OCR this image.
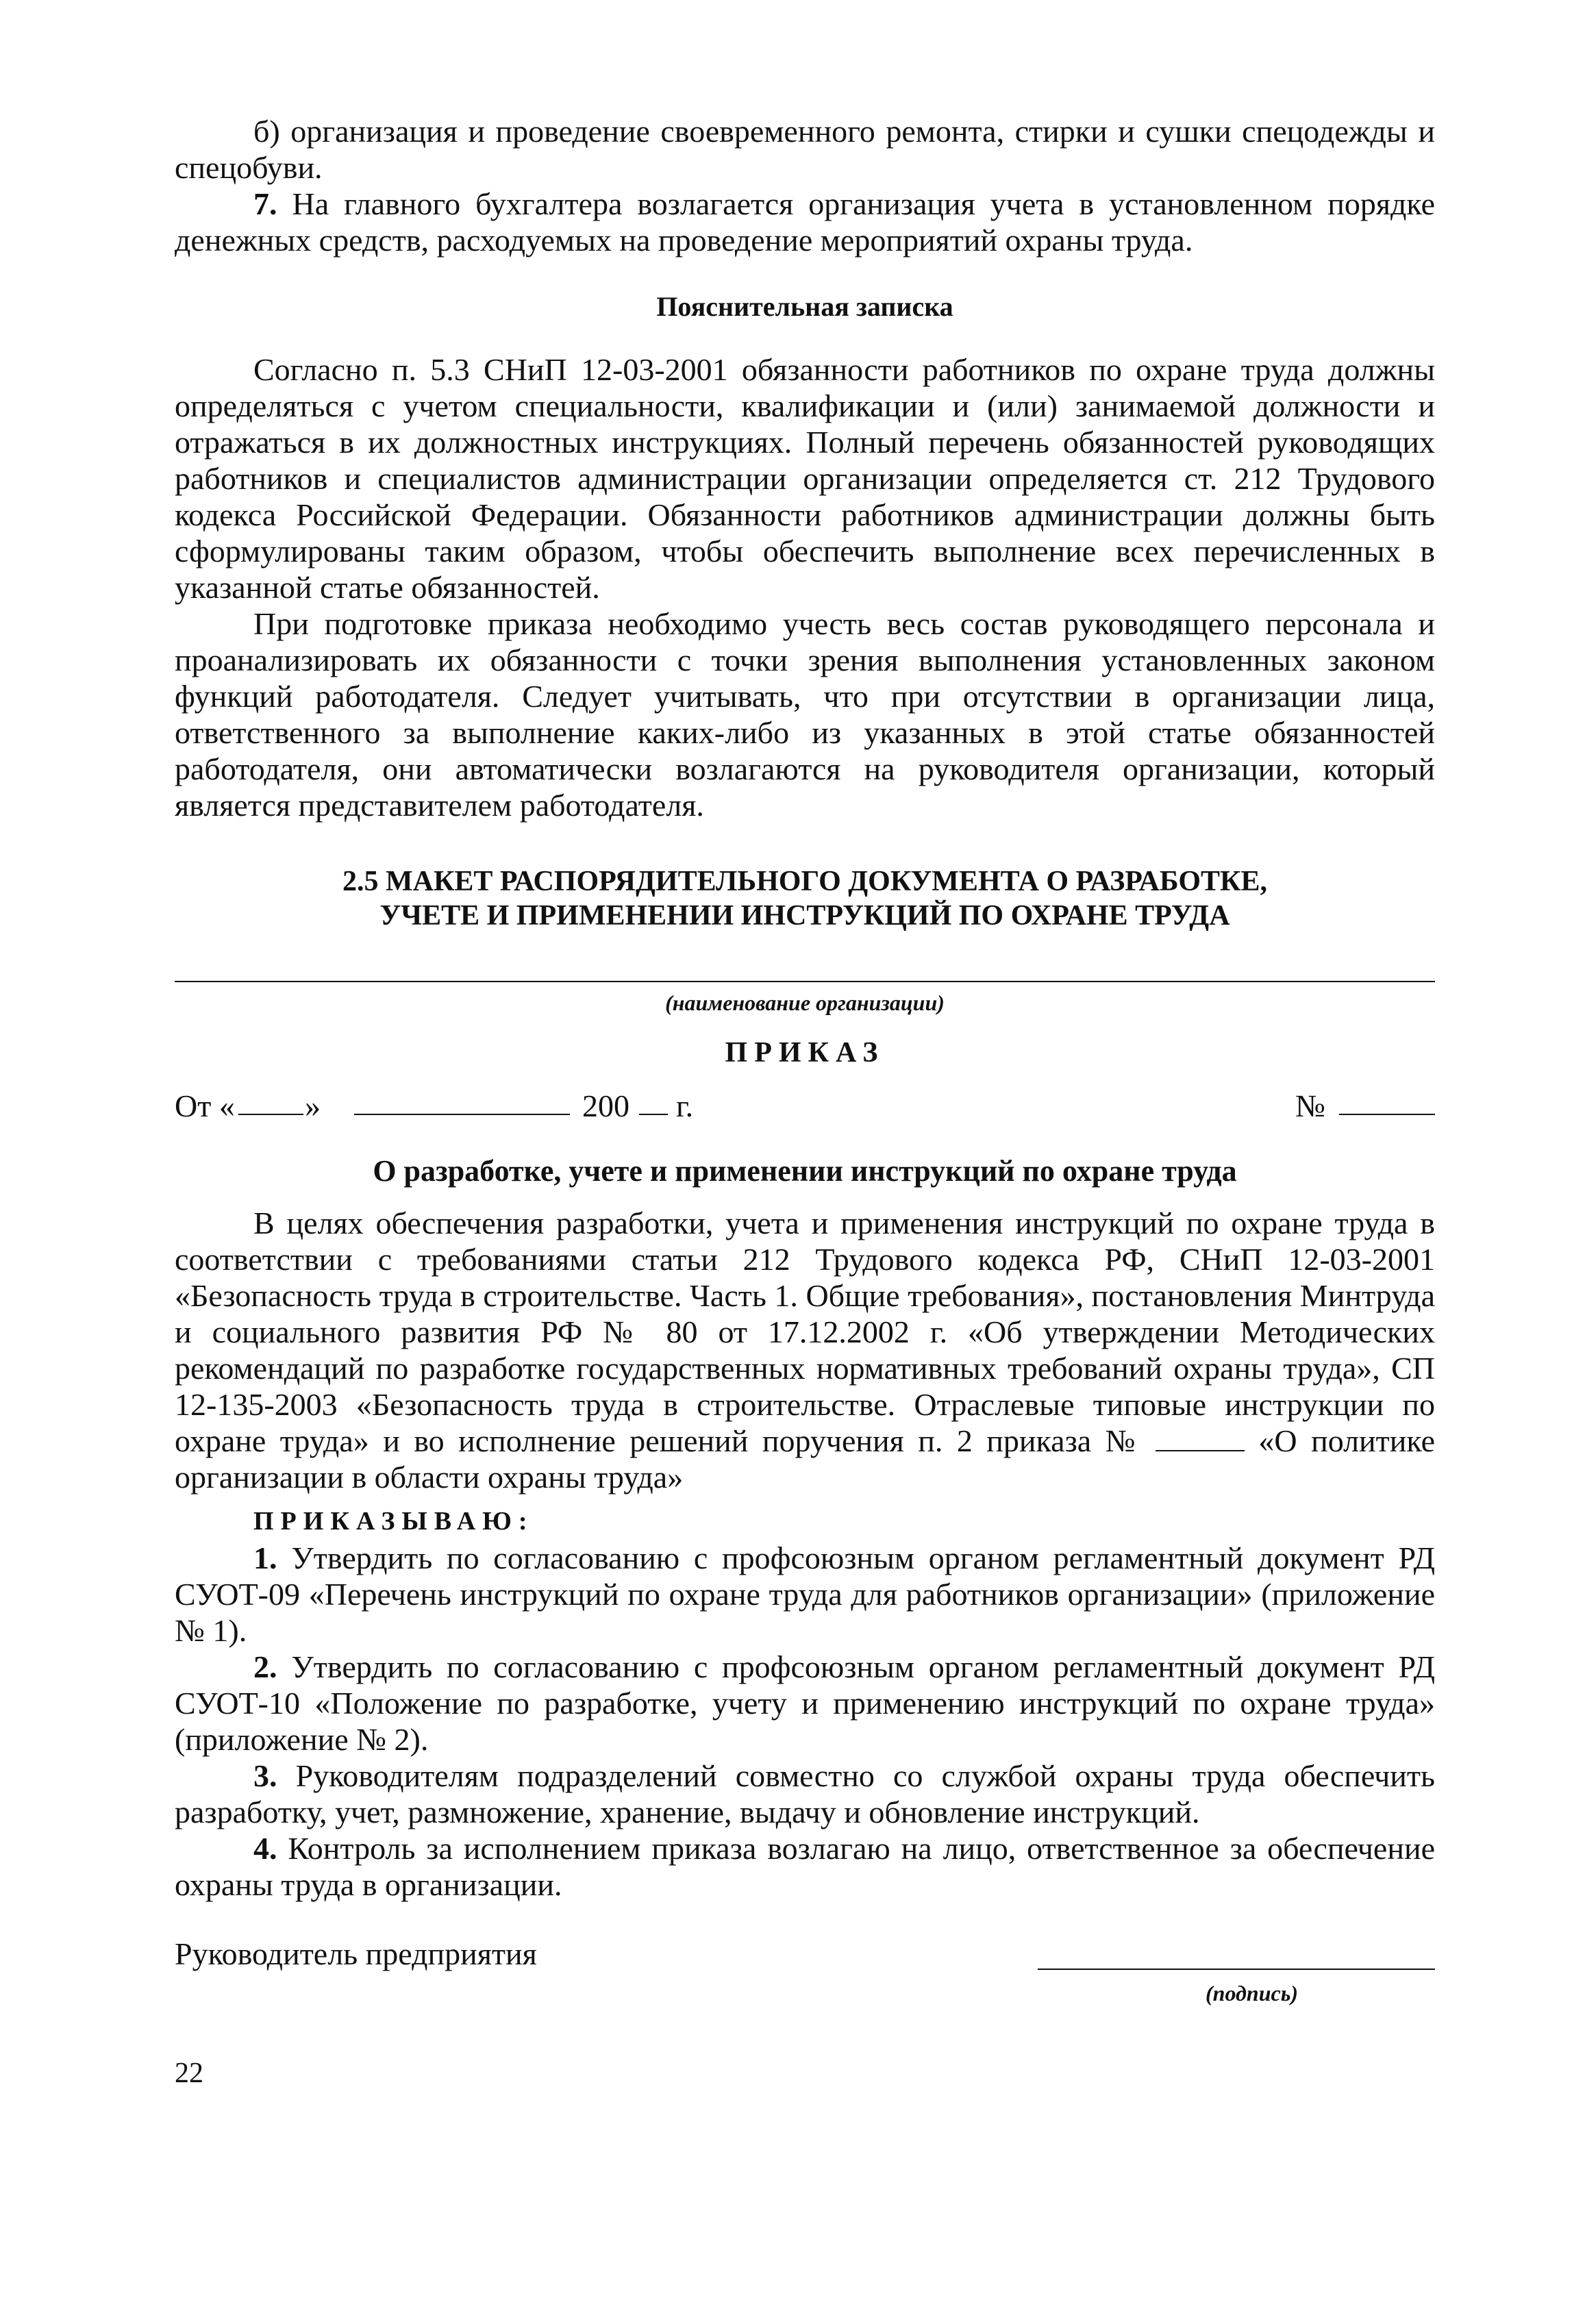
б) организация и проведение своевременного ремонта, стирки и сушки спецодежды и спецобуви.

7. На главного бухгалтера возлагается организация учета в установленном порядке денежных средств, расходуемых на проведение мероприятий охраны труда.

Пояснительная записка

Согласно п. 5.3 СНиП 12-03-2001 обязанности работников по охране труда должны определяться с учетом специальности, квалификации и (или) занимаемой должности и отражаться в их должностных инструкциях. Полный перечень обязанностей руководящих работников и специалистов администрации организации определяется ст. 212 Трудового кодекса Российской Федерации. Обязанности работников администрации должны быть сформулированы таким образом, чтобы обеспечить выполнение всех перечисленных в указанной статье обязанностей.

При подготовке приказа необходимо учесть весь состав руководящего персонала и проанализировать их обязанности с точки зрения выполнения установленных законом функций работодателя. Следует учитывать, что при отсутствии в организации лица, ответственного за выполнение каких-либо из указанных в этой статье обязанностей работодателя, они автоматически возлагаются на руководителя организации, который является представителем работодателя.

2.5 МАКЕТ РАСПОРЯДИТЕЛЬНОГО ДОКУМЕНТА О РАЗРАБОТКЕ,

УЧЕТЕ И ПРИМЕНЕНИИ ИНСТРУКЦИЙ ПО ОХРАНЕ ТРУДА

(наименование организации)

ПРИКАЗ

От « »	200 г.	№

О разработке, учете и применении инструкций по охране труда

В целях обеспечения разработки, учета и применения инструкций по охране труда в соответствии с требованиями статьи 212 Трудового кодекса РФ, СНиП 12-03-2001 «Безопасность труда в строительстве. Часть 1. Общие требования», постановления Минтруда и социального развития РФ № 80 от 17.12.2002 г. «Об утверждении Методических рекомендаций по разработке государственных нормативных требований охраны труда», СП 12-135-2003 «Безопасность труда в строительстве. Отраслевые типовые инструкции по охране труда» и во исполнение решений поручения п. 2 приказа №	«О политике организации в области охраны труда»

ПРИКАЗЫВАЮ:

1. Утвердить по согласованию с профсоюзным органом регламентный документ РД СУОТ-09 «Перечень инструкций по охране труда для работников организации» (приложение № 1).

2. Утвердить по согласованию с профсоюзным органом регламентный документ РД СУОТ-10 «Положение по разработке, учету и применению инструкций по охране труда» (приложение № 2).

3. Руководителям подразделений совместно со службой охраны труда обеспечить разработку, учет, размножение, хранение, выдачу и обновление инструкций.

4. Контроль за исполнением приказа возлагаю на лицо, ответственное за обеспечение охраны труда в организации.

Руководитель предприятия
(подпись)
22
